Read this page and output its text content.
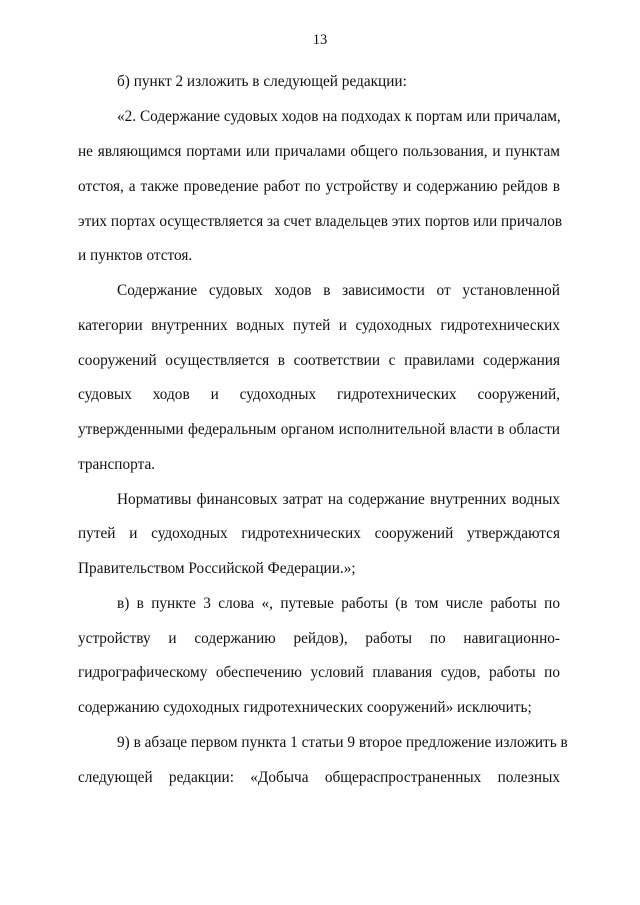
13
б) пункт 2 изложить в следующей редакции:
«2. Содержание судовых ходов на подходах к портам или причалам,
не являющимся портами или причалами общего пользования, и пунктам
отстоя, а также проведение работ по устройству и содержанию рейдов в
этих портах осуществляется за счет владельцев этих портов или причалов
и пунктов отстоя.
Содержание судовых ходов в зависимости от установленной
категории внутренних водных путей и судоходных гидротехнических
сооружений осуществляется в соответствии с правилами содержания
судовых ходов и судоходных гидротехнических сооружений,
утвержденными федеральным органом исполнительной власти в области
транспорта.
Нормативы финансовых затрат на содержание внутренних водных
путей и судоходных гидротехнических сооружений утверждаются
Правительством Российской Федерации.»;
в) в пункте 3 слова «, путевые работы (в том числе работы по
устройству и содержанию рейдов), работы по навигационно-
гидрографическому обеспечению условий плавания судов, работы по
содержанию судоходных гидротехнических сооружений» исключить;
9) в абзаце первом пункта 1 статьи 9 второе предложение изложить в
следующей редакции: «Добыча общераспространенных полезных
